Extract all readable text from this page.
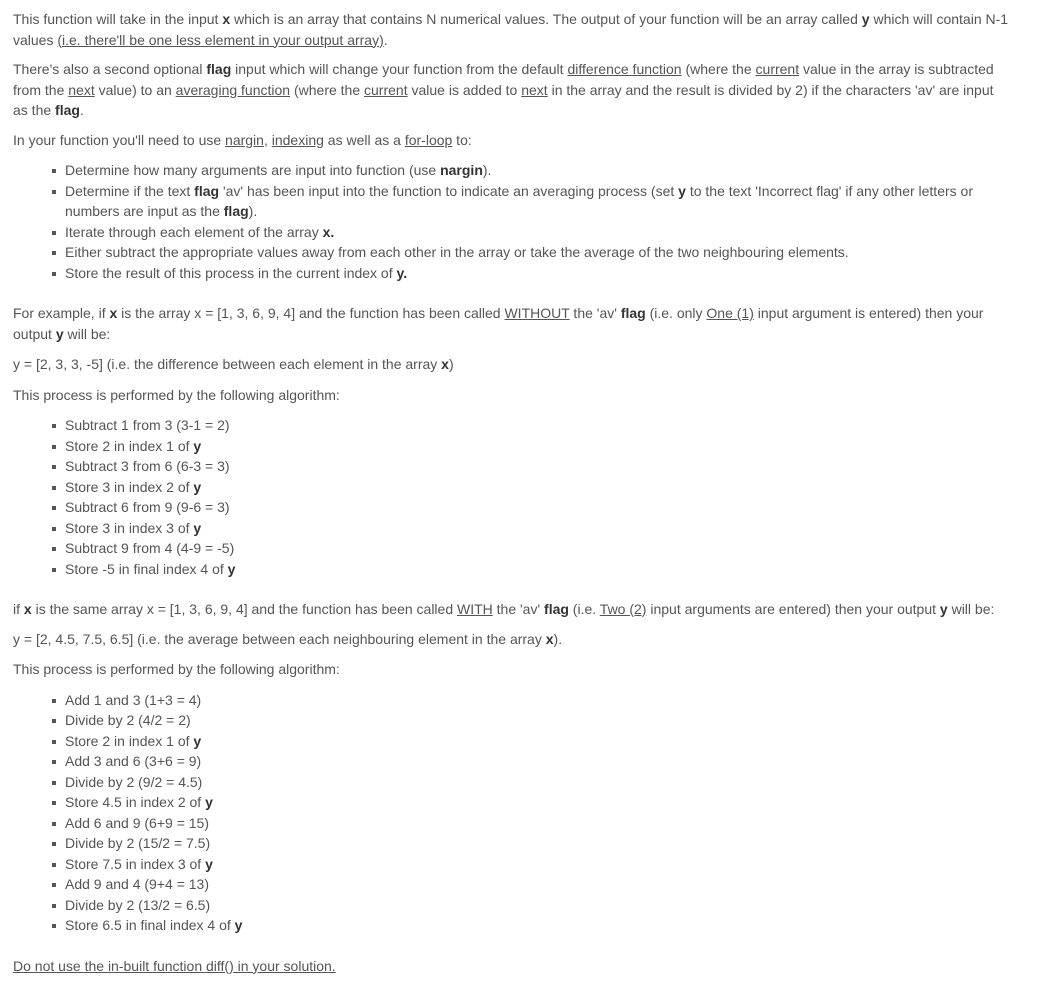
This function will take in the input x which is an array that contains N numerical values. The output of your function will be an array called y which will contain N-1 values (i.e. there'll be one less element in your output array).

There's also a second optional flag input which will change your function from the default difference function (where the current value in the array is subtracted from the next value) to an averaging function (where the current value is added to next in the array and the result is divided by 2) if the characters 'av' are input as the flag.

In your function you'll need to use nargin, indexing as well as a for-loop to:

Determine how many arguments are input into function (use nargin).
Determine if the text flag 'av' has been input into the function to indicate an averaging process (set y to the text 'Incorrect flag' if any other letters or numbers are input as the flag).
Iterate through each element of the array x.
Either subtract the appropriate values away from each other in the array or take the average of the two neighbouring elements.
Store the result of this process in the current index of y.

For example, if x is the array x = [1, 3, 6, 9, 4] and the function has been called WITHOUT the 'av' flag (i.e. only One (1) input argument is entered) then your output y will be:

y = [2, 3, 3, -5] (i.e. the difference between each element in the array x)

This process is performed by the following algorithm:

Subtract 1 from 3 (3-1 = 2)
Store 2 in index 1 of y
Subtract 3 from 6 (6-3 = 3)
Store 3 in index 2 of y
Subtract 6 from 9 (9-6 = 3)
Store 3 in index 3 of y
Subtract 9 from 4 (4-9 = -5)
Store -5 in final index 4 of y

if x is the same array x = [1, 3, 6, 9, 4] and the function has been called WITH the 'av' flag (i.e. Two (2) input arguments are entered) then your output y will be:

y = [2, 4.5, 7.5, 6.5] (i.e. the average between each neighbouring element in the array x).

This process is performed by the following algorithm:

Add 1 and 3 (1+3 = 4)
Divide by 2 (4/2 = 2)
Store 2 in index 1 of y
Add 3 and 6 (3+6 = 9)
Divide by 2 (9/2 = 4.5)
Store 4.5 in index 2 of y
Add 6 and 9 (6+9 = 15)
Divide by 2 (15/2 = 7.5)
Store 7.5 in index 3 of y
Add 9 and 4 (9+4 = 13)
Divide by 2 (13/2 = 6.5)
Store 6.5 in final index 4 of y

Do not use the in-built function diff() in your solution.
